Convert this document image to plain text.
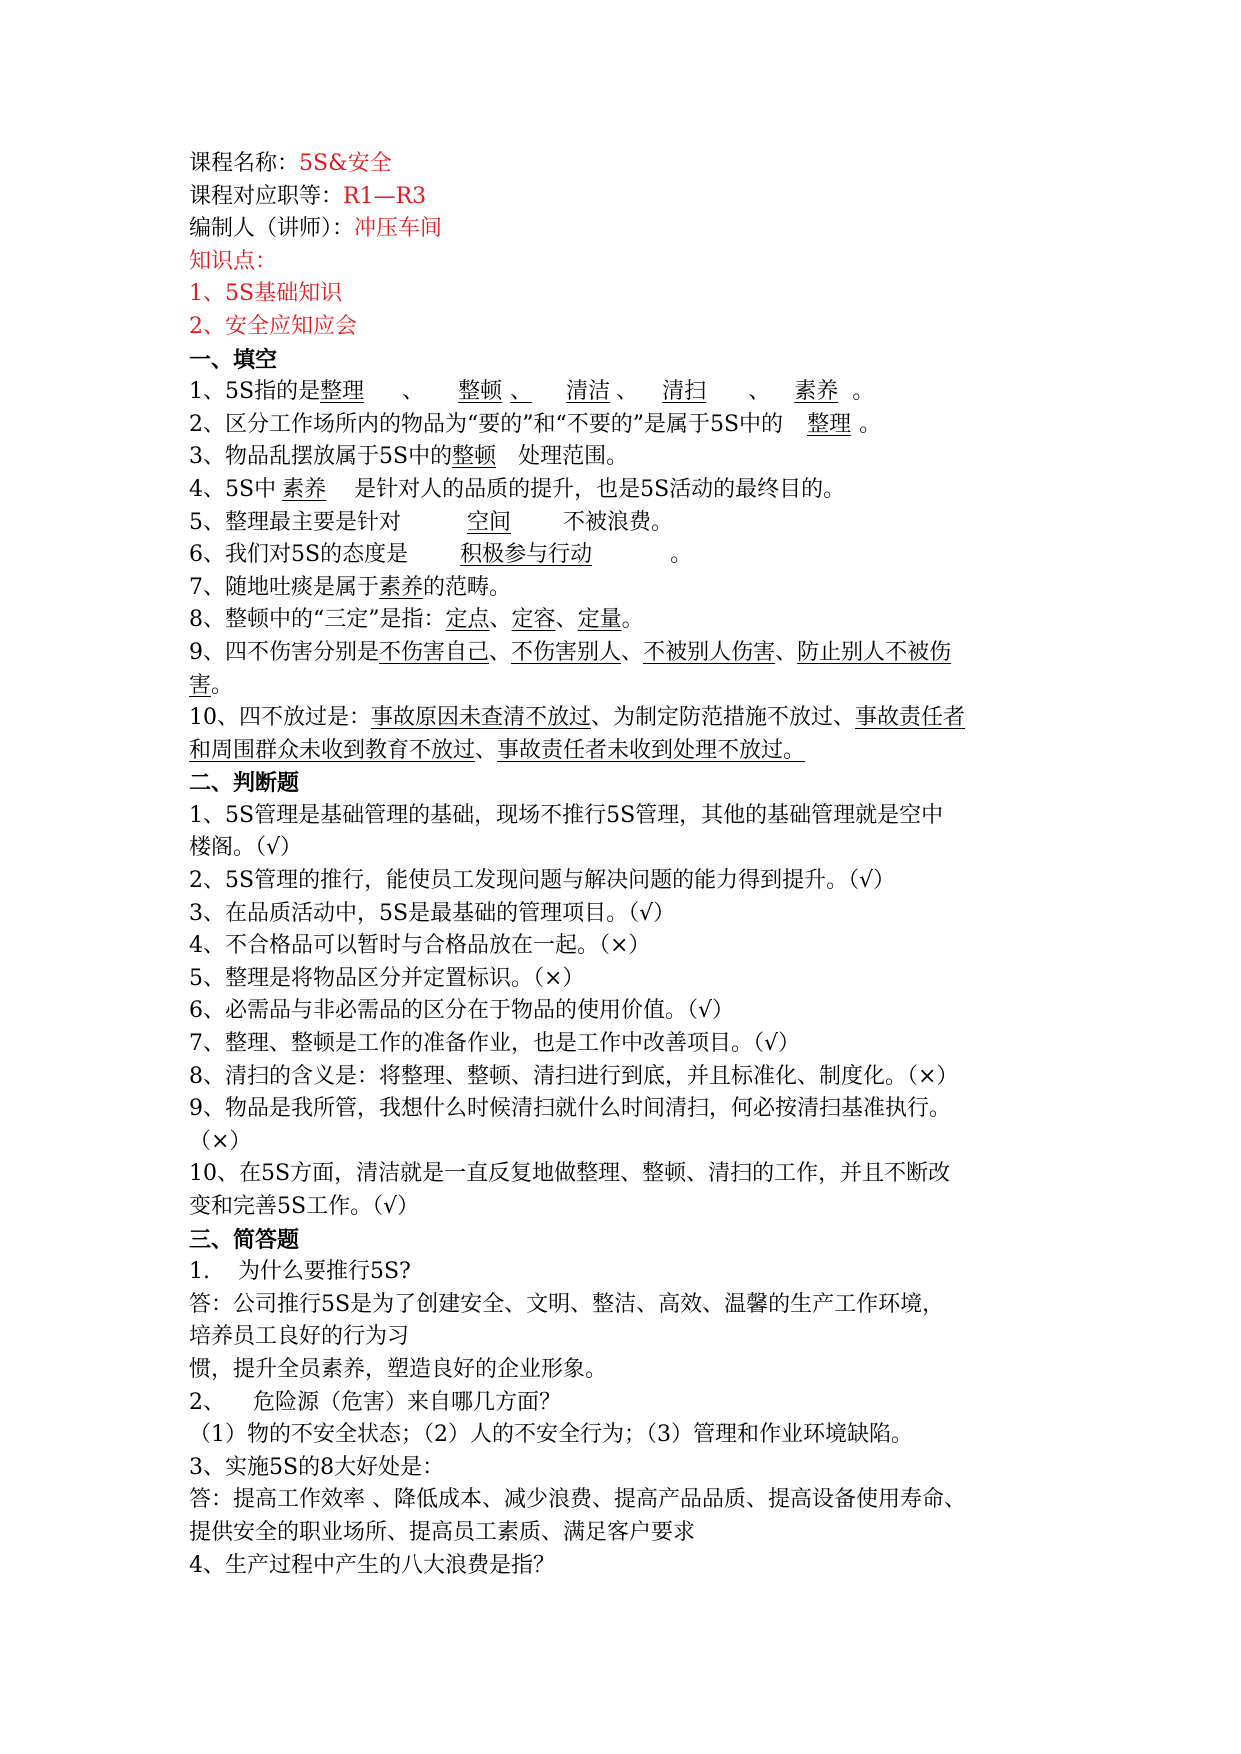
课程名称：5S&安全
课程对应职等：R1—R3
编制人（讲师）：冲压车间
知识点：
1、5S基础知识
2、安全应知应会
一、填空
1、5S指的是整理 、 整顿 、 清洁 、 清扫 、 素养 。
2、区分工作场所内的物品为“要的”和“不要的”是属于5S中的 整理 。
3、物品乱摆放属于5S中的整顿 处理范围。
4、5S中 素养 是针对人的品质的提升，也是5S活动的最终目的。
5、整理最主要是针对	空间 不被浪费。
6、我们对5S的态度是 积极参与行动	。
7、随地吐痰是属于素养的范畴。
8、整顿中的“三定”是指：定点、定容、定量。
9、四不伤害分别是不伤害自己、不伤害别人、不被别人伤害、防止别人不被伤
害。
10、四不放过是：事故原因未查清不放过、为制定防范措施不放过、事故责任者
和周围群众未收到教育不放过、事故责任者未收到处理不放过。
二、判断题
1、5S管理是基础管理的基础，现场不推行5S管理，其他的基础管理就是空中
楼阁。（√）
2、5S管理的推行，能使员工发现问题与解决问题的能力得到提升。（√）
3、在品质活动中，5S是最基础的管理项目。（√）
4、不合格品可以暂时与合格品放在一起。（×）
5、整理是将物品区分并定置标识。（×）
6、必需品与非必需品的区分在于物品的使用价值。（√）
7、整理、整顿是工作的准备作业，也是工作中改善项目。（√）
8、清扫的含义是：将整理、整顿、清扫进行到底，并且标准化、制度化。（×）
9、物品是我所管，我想什么时候清扫就什么时间清扫，何必按清扫基准执行。
（×）
10、在5S方面，清洁就是一直反复地做整理、整顿、清扫的工作，并且不断改
变和完善5S工作。（√）
三、简答题
1.    为什么要推行5S?
答：公司推行5S是为了创建安全、文明、整洁、高效、温馨的生产工作环境，
培养员工良好的行为习
惯，提升全员素养，塑造良好的企业形象。
2、    危险源（危害）来自哪几方面？
（1）物的不安全状态；（2）人的不安全行为；（3）管理和作业环境缺陷。
3、实施5S的8大好处是：
答：提高工作效率 、降低成本、减少浪费、提高产品品质、提高设备使用寿命、
提供安全的职业场所、提高员工素质、满足客户要求
4、生产过程中产生的八大浪费是指？
